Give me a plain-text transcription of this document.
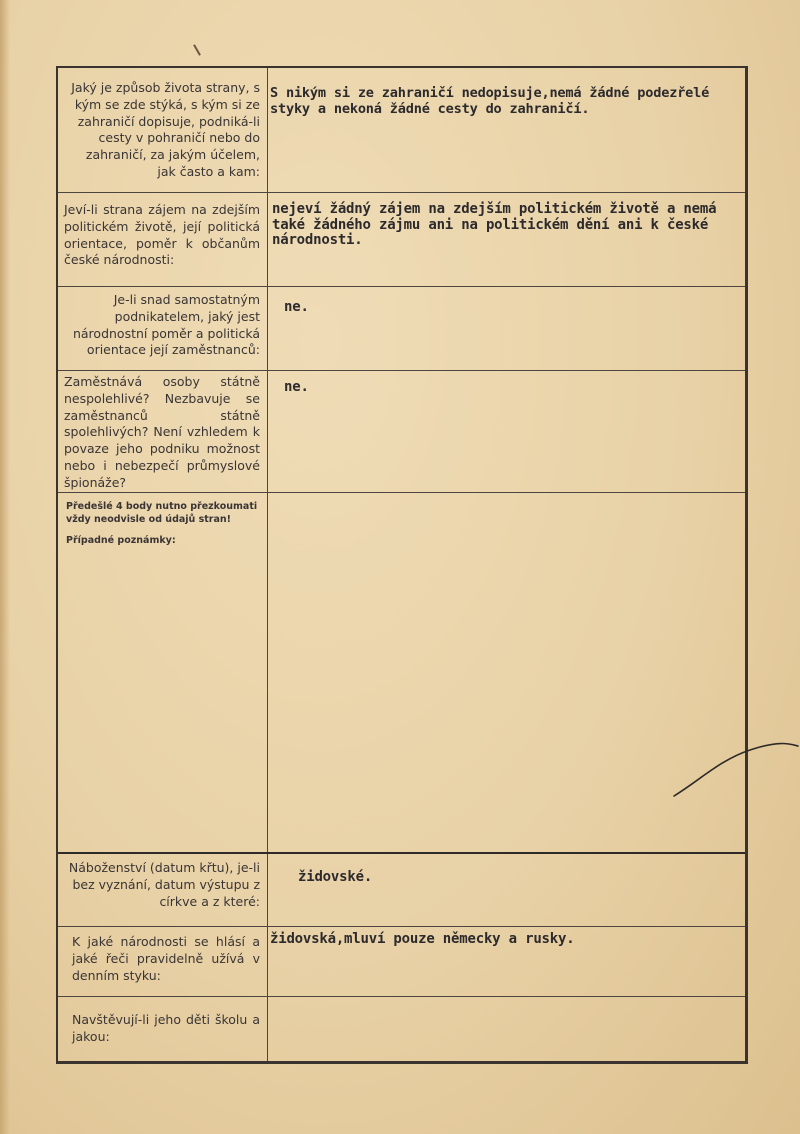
Jaký je způsob života strany, s kým se zde stýká, s kým si ze zahraničí dopisuje, podniká-li cesty v pohraničí nebo do zahraničí, za jakým účelem, jak často a kam:
S nikým si ze zahraničí nedopisuje,nemá žádné podezřelé styky a nekoná žádné cesty do zahraničí.
Jeví-li strana zájem na zdejším politickém životě, její politická orientace, poměr k občanům české národnosti:
nejeví žádný zájem na zdejším politickém životě a nemá také žádného zájmu ani na politickém dění ani k české národnosti.
Je-li snad samostatným podnikatelem, jaký jest národnostní poměr a politická orientace její zaměstnanců:
ne.
Zaměstnává osoby státně nespolehlivé? Nezbavuje se zaměstnanců státně spolehlivých? Není vzhledem k povaze jeho podniku možnost nebo i nebezpečí průmyslové špionáže?
ne.
Předešlé 4 body nutno přezkoumati vždy neodvisle od údajů stran!
Případné poznámky:
Náboženství (datum křtu), je-li bez vyznání, datum výstupu z církve a z které:
židovské.
K jaké národnosti se hlásí a jaké řeči pravidelně užívá v denním styku:
židovská,mluví pouze německy a rusky.
Navštěvují-li jeho děti školu a jakou:
